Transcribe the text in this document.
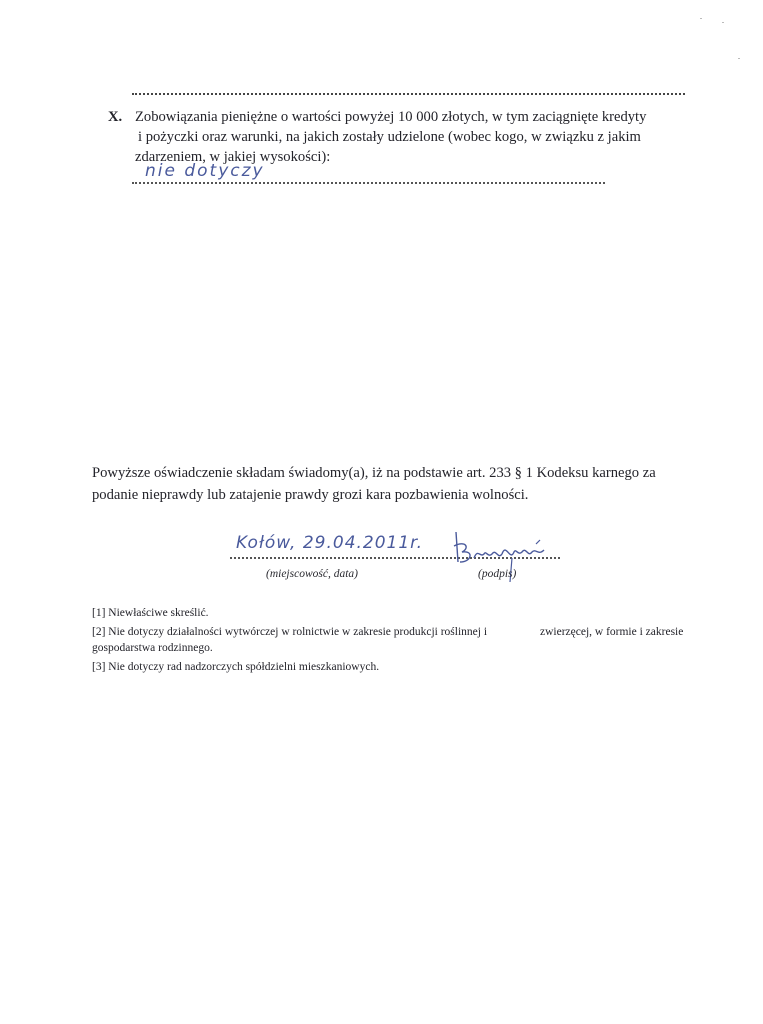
X. Zobowiązania pieniężne o wartości powyżej 10 000 złotych, w tym zaciągnięte kredyty
i pożyczki oraz warunki, na jakich zostały udzielone (wobec kogo, w związku z jakim
zdarzeniem, w jakiej wysokości):
nie dotyczy
Powyższe oświadczenie składam świadomy(a), iż na podstawie art. 233 § 1 Kodeksu karnego za
podanie nieprawdy lub zatajenie prawdy grozi kara pozbawienia wolności.
Kołów, 29.04.2011r.
(miejscowość, data)	(podpis)
[1] Niewłaściwe skreślić.
[2] Nie dotyczy działalności wytwórczej w rolnictwie w zakresie produkcji roślinnej i	zwierzęcej, w formie i zakresie
gospodarstwa rodzinnego.
[3] Nie dotyczy rad nadzorczych spółdzielni mieszkaniowych.
